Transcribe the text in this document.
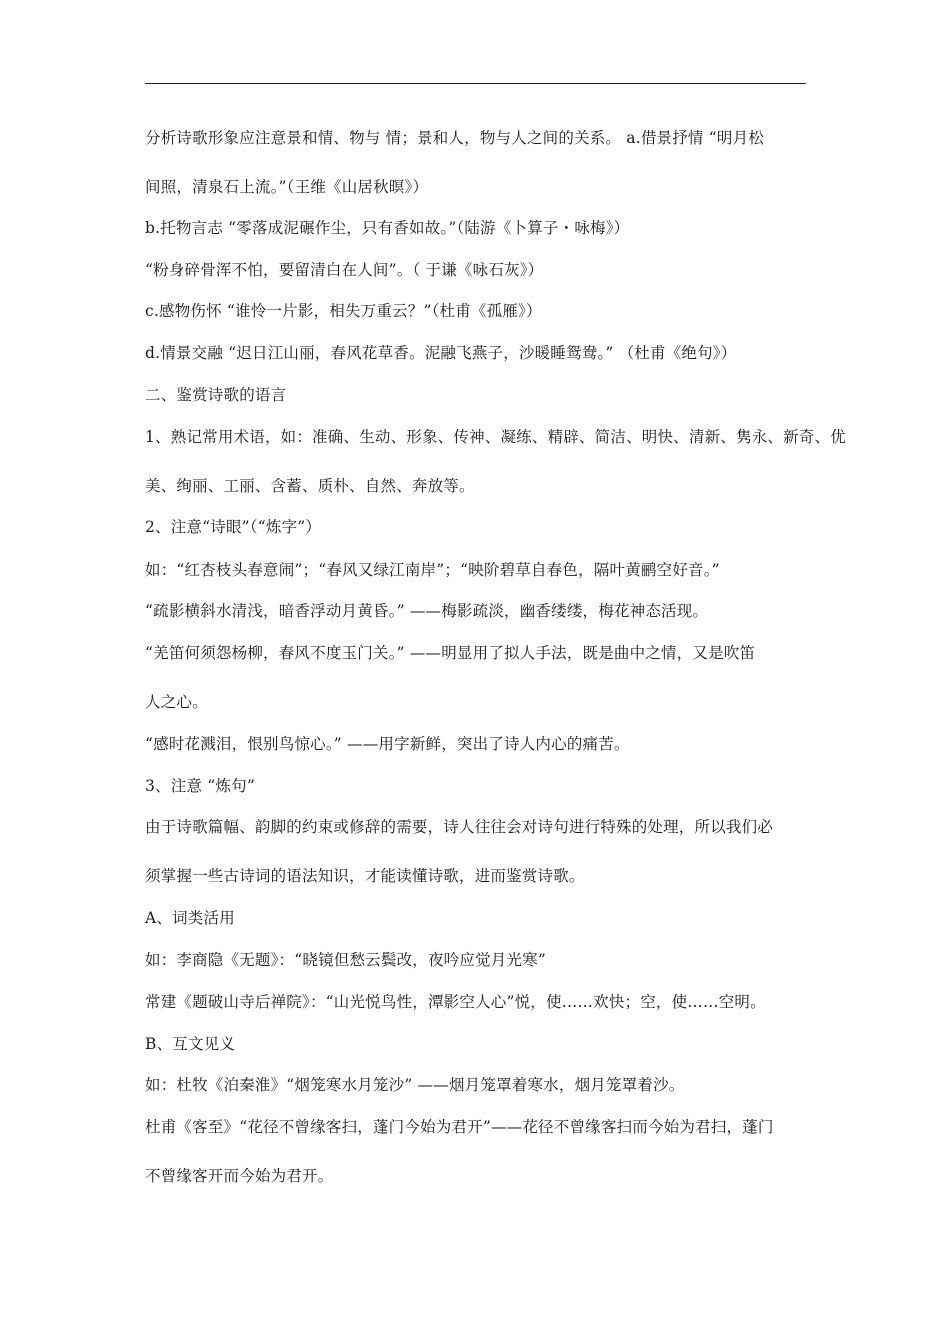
分析诗歌形象应注意景和情、物与 情；景和人，物与人之间的关系。 a.借景抒情 “明月松
间照，清泉石上流。”（王维《山居秋暝》）
b.托物言志 “零落成泥碾作尘，只有香如故。”（陆游《卜算子・咏梅》）
“粉身碎骨浑不怕，要留清白在人间”。（ 于谦《咏石灰》）
c.感物伤怀 “谁怜一片影，相失万重云？”（杜甫《孤雁》）
d.情景交融 “迟日江山丽，春风花草香。泥融飞燕子，沙暖睡鸳鸯。” （杜甫《绝句》）
二、鉴赏诗歌的语言
1、熟记常用术语，如：准确、生动、形象、传神、凝练、精辟、简洁、明快、清新、隽永、新奇、优
美、绚丽、工丽、含蓄、质朴、自然、奔放等。
2、注意“诗眼”（“炼字”）
如：“红杏枝头春意闹”；“春风又绿江南岸”；“映阶碧草自春色，隔叶黄鹂空好音。”
“疏影横斜水清浅，暗香浮动月黄昏。” ——梅影疏淡，幽香缕缕，梅花神态活现。
“羌笛何须怨杨柳，春风不度玉门关。” ——明显用了拟人手法，既是曲中之情，又是吹笛
人之心。
“感时花溅泪，恨别鸟惊心。” ——用字新鲜，突出了诗人内心的痛苦。
3、注意 “炼句”
由于诗歌篇幅、韵脚的约束或修辞的需要，诗人往往会对诗句进行特殊的处理，所以我们必
须掌握一些古诗词的语法知识，才能读懂诗歌，进而鉴赏诗歌。
A、词类活用
如：李商隐《无题》：“晓镜但愁云鬓改，夜吟应觉月光寒”
常建《题破山寺后禅院》：“山光悦鸟性，潭影空人心”悦，使……欢快；空，使……空明。
B、互文见义
如：杜牧《泊秦淮》“烟笼寒水月笼沙” ——烟月笼罩着寒水，烟月笼罩着沙。
杜甫《客至》“花径不曾缘客扫，蓬门今始为君开”——花径不曾缘客扫而今始为君扫，蓬门
不曾缘客开而今始为君开。
